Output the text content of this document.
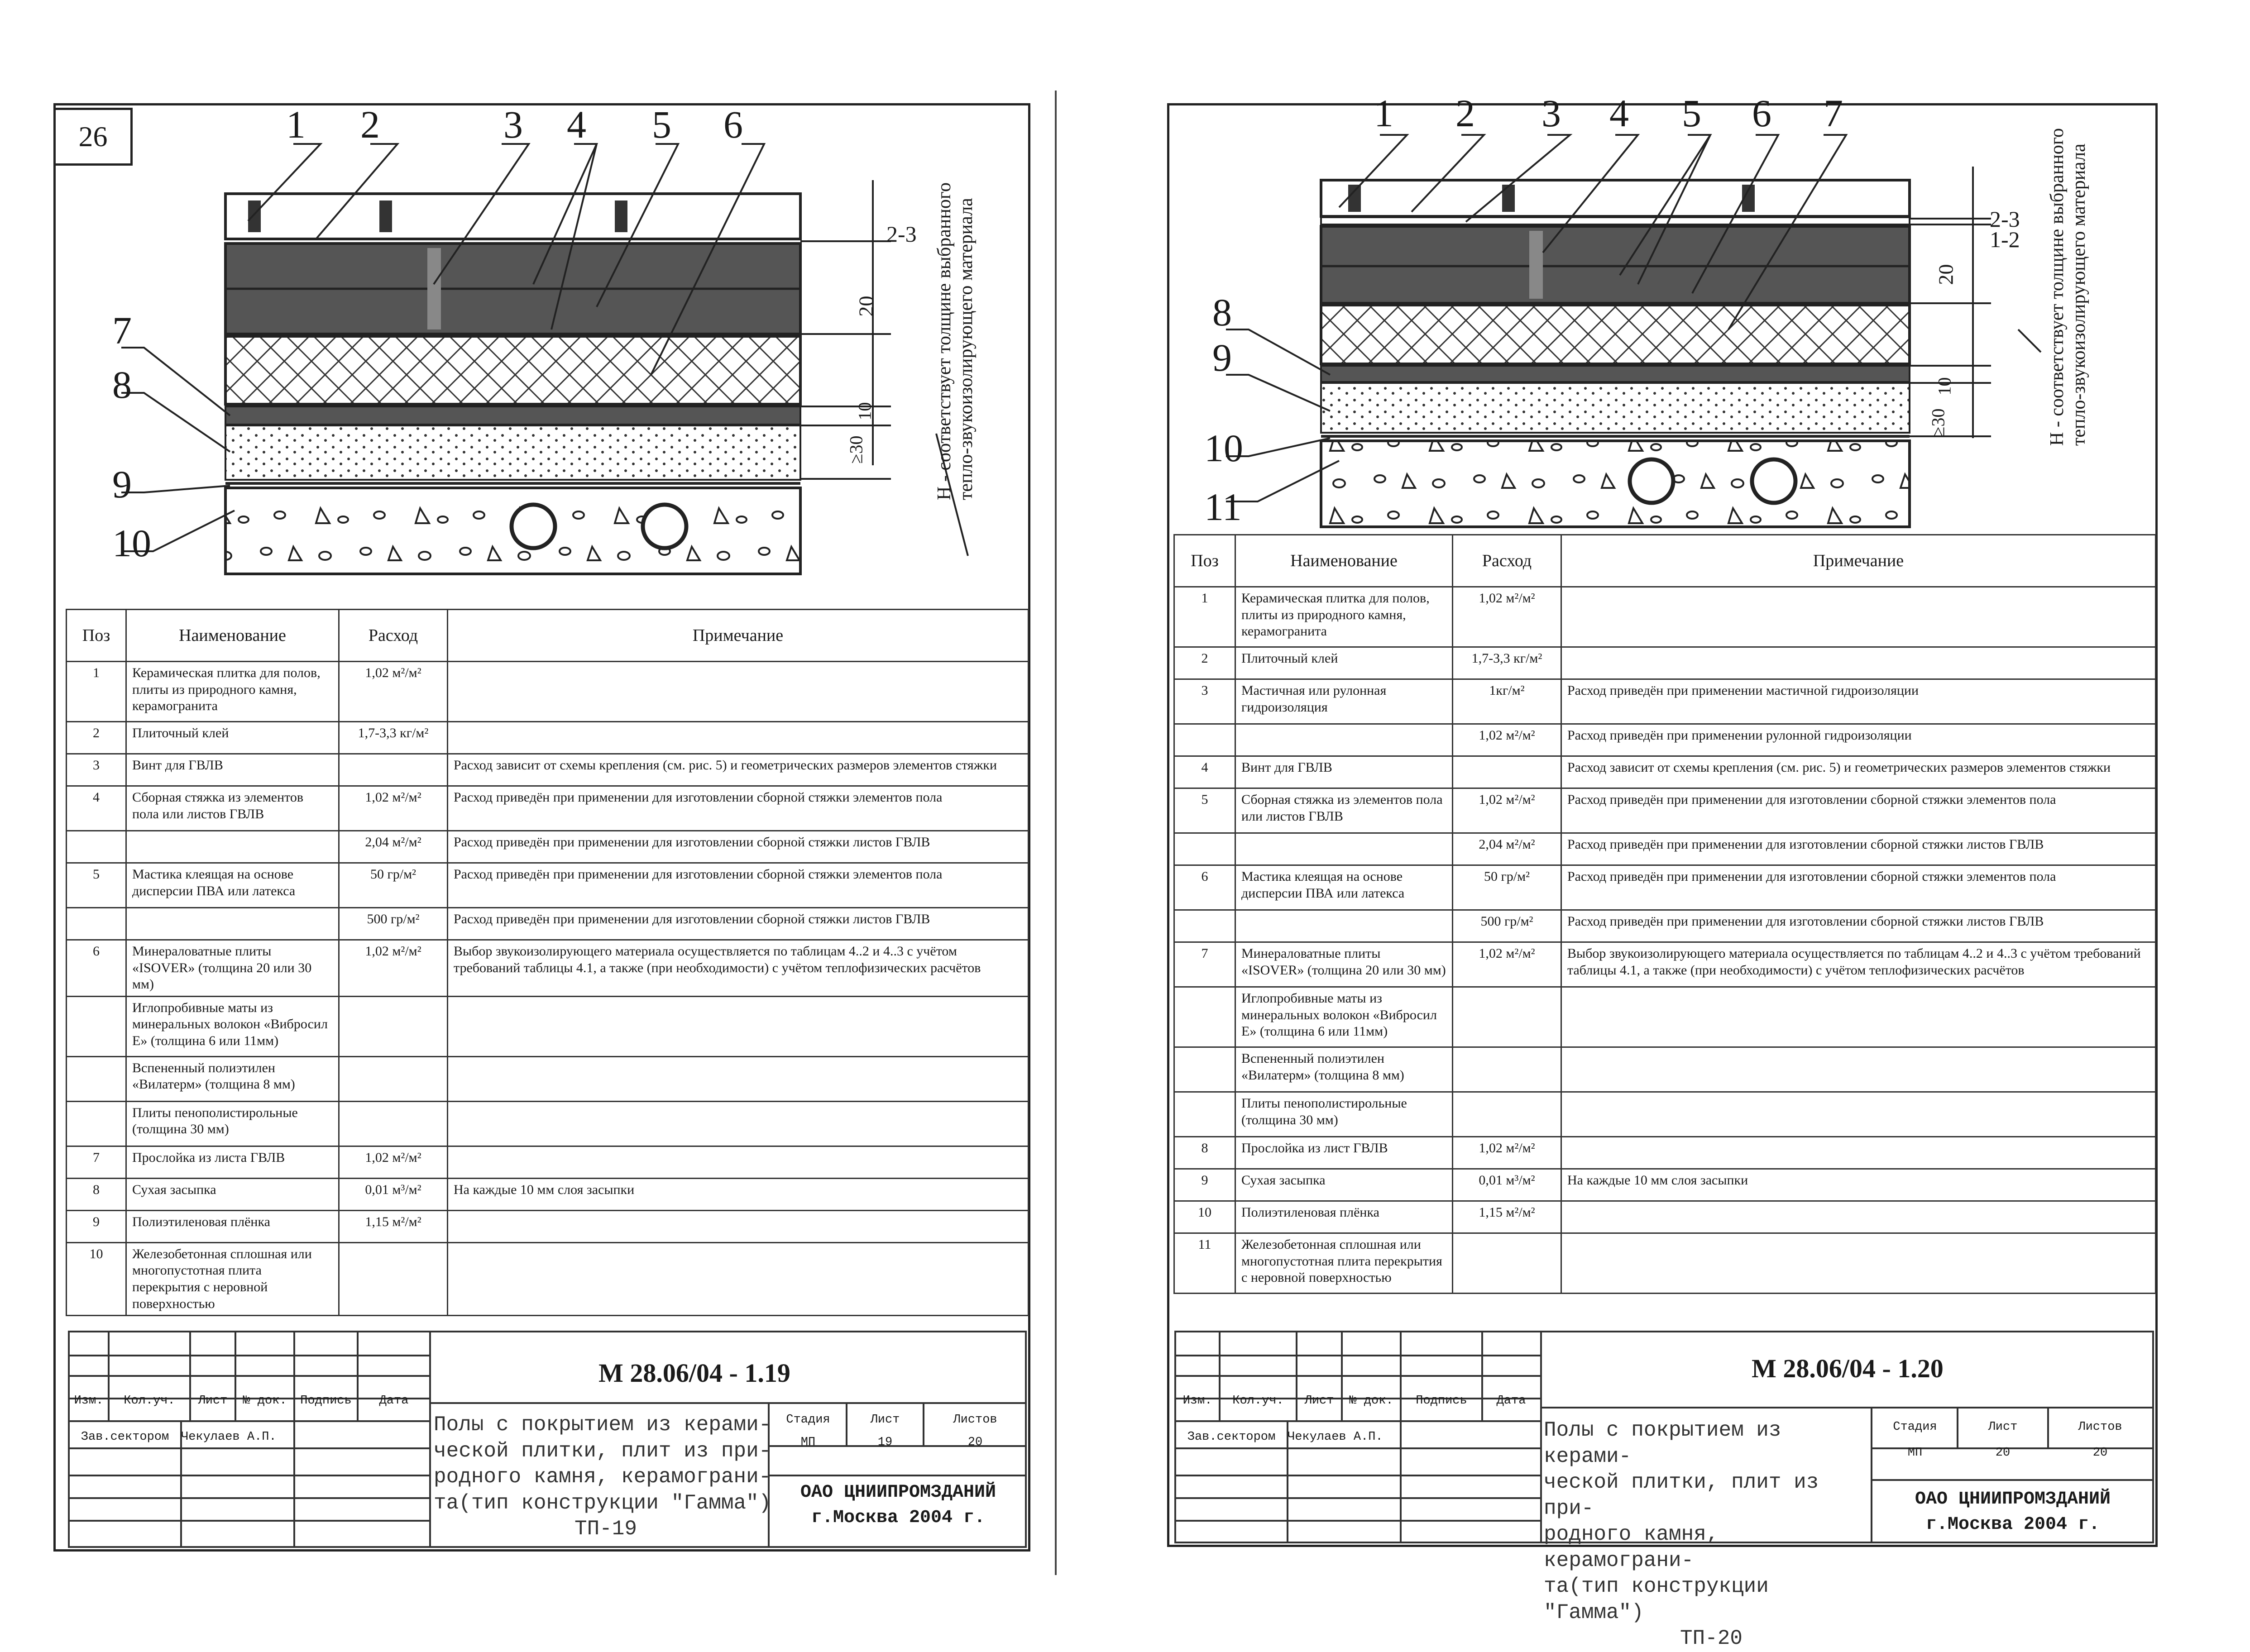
26	1 2	3 4 5 6
7
8
9
10
2-3
20
10
≥30	Н - соответствует толщине выбранного тепло-звукоизолирующего материала
Поз	Наименование	Расход	Примечание
1	Керамическая плитка для полов, плиты из природного камня, керамогранита	1,02 м²/м²	
2	Плиточный клей	1,7-3,3 кг/м²	
3	Винт для ГВЛВ		Расход зависит от схемы крепления (см. рис. 5) и геометрических размеров элементов стяжки
4	Сборная стяжка из элементов пола или листов ГВЛВ	1,02 м²/м²	Расход приведён при применении для изготовлении сборной стяжки элементов пола
		2,04 м²/м²	Расход приведён при применении для изготовлении сборной стяжки листов ГВЛВ
5	Мастика клеящая на основе дисперсии ПВА или латекса	50 гр/м²	Расход приведён при применении для изготовлении сборной стяжки элементов пола
		500 гр/м²	Расход приведён при применении для изготовлении сборной стяжки листов ГВЛВ
6	Минераловатные плиты «ISOVER» (толщина 20 или 30 мм)	1,02 м²/м²	Выбор звукоизолирующего материала осуществляется по таблицам 4..2 и 4..3 с учётом требований таблицы 4.1, а также (при необходимости) с учётом теплофизических расчётов
	Иглопробивные маты из минеральных волокон «Вибросил Е» (толщина 6 или 11мм)		
	Вспененный полиэтилен «Вилатерм» (толщина 8 мм)		
	Плиты пенополистирольные (толщина 30 мм)		
7	Прослойка из листа ГВЛВ	1,02 м²/м²	
8	Сухая засыпка	0,01 м³/м²	На каждые 10 мм слоя засыпки
9	Полиэтиленовая плёнка	1,15 м²/м²	
10	Железобетонная сплошная или многопустотная плита перекрытия с неровной поверхностью		
М 28.06/04 - 1.19
Изм.	Кол.уч.	Лист	№ док.	Подпись	Дата
Зав.сектором Чекулаев А.П.
Полы с покрытием из керами-
ческой плитки, плит из при-
родного камня, керамограни-
та(тип конструкции "Гамма")
ТП-19
Стадия	Лист	Листов
МП	19	20
ОАО ЦНИИПРОМЗДАНИЙ
г.Москва 2004 г.
1 2 3 4 5 6 7
8
9
10
11
2-3
1-2
20
10
≥30	Н - соответствует толщине выбранного тепло-звукоизолирующего материала
Поз	Наименование	Расход	Примечание
1	Керамическая плитка для полов, плиты из природного камня, керамогранита	1,02 м²/м²	
2	Плиточный клей	1,7-3,3 кг/м²	
3	Мастичная или рулонная гидроизоляция	1кг/м²	Расход приведён при применении мастичной гидроизоляции
		1,02 м²/м²	Расход приведён при применении рулонной гидроизоляции
4	Винт для ГВЛВ		Расход зависит от схемы крепления (см. рис. 5) и геометрических размеров элементов стяжки
5	Сборная стяжка из элементов пола или листов ГВЛВ	1,02 м²/м²	Расход приведён при применении для изготовлении сборной стяжки элементов пола
		2,04 м²/м²	Расход приведён при применении для изготовлении сборной стяжки листов ГВЛВ
6	Мастика клеящая на основе дисперсии ПВА или латекса	50 гр/м²	Расход приведён при применении для изготовлении сборной стяжки элементов пола
		500 гр/м²	Расход приведён при применении для изготовлении сборной стяжки листов ГВЛВ
7	Минераловатные плиты «ISOVER» (толщина 20 или 30 мм)	1,02 м²/м²	Выбор звукоизолирующего материала осуществляется по таблицам 4..2 и 4..3 с учётом требований таблицы 4.1, а также (при необходимости) с учётом теплофизических расчётов
	Иглопробивные маты из минеральных волокон «Вибросил Е» (толщина 6 или 11мм)		
	Вспененный полиэтилен «Вилатерм» (толщина 8 мм)		
	Плиты пенополистирольные (толщина 30 мм)		
8	Прослойка из лист ГВЛВ	1,02 м²/м²	
9	Сухая засыпка	0,01 м³/м²	На каждые 10 мм слоя засыпки
10	Полиэтиленовая плёнка	1,15 м²/м²	
11	Железобетонная сплошная или многопустотная плита перекрытия с неровной поверхностью		
М 28.06/04 - 1.20
Изм.	Кол.уч.	Лист	№ док.	Подпись	Дата
Зав.сектором Чекулаев А.П.	Полы с покрытием из керами-
ческой плитки, плит из при-
родного камня, керамограни-
та(тип конструкции "Гамма")
ТП-20
Стадия	Лист	Листов
МП	20	20
ОАО ЦНИИПРОМЗДАНИЙ
г.Москва 2004 г.
